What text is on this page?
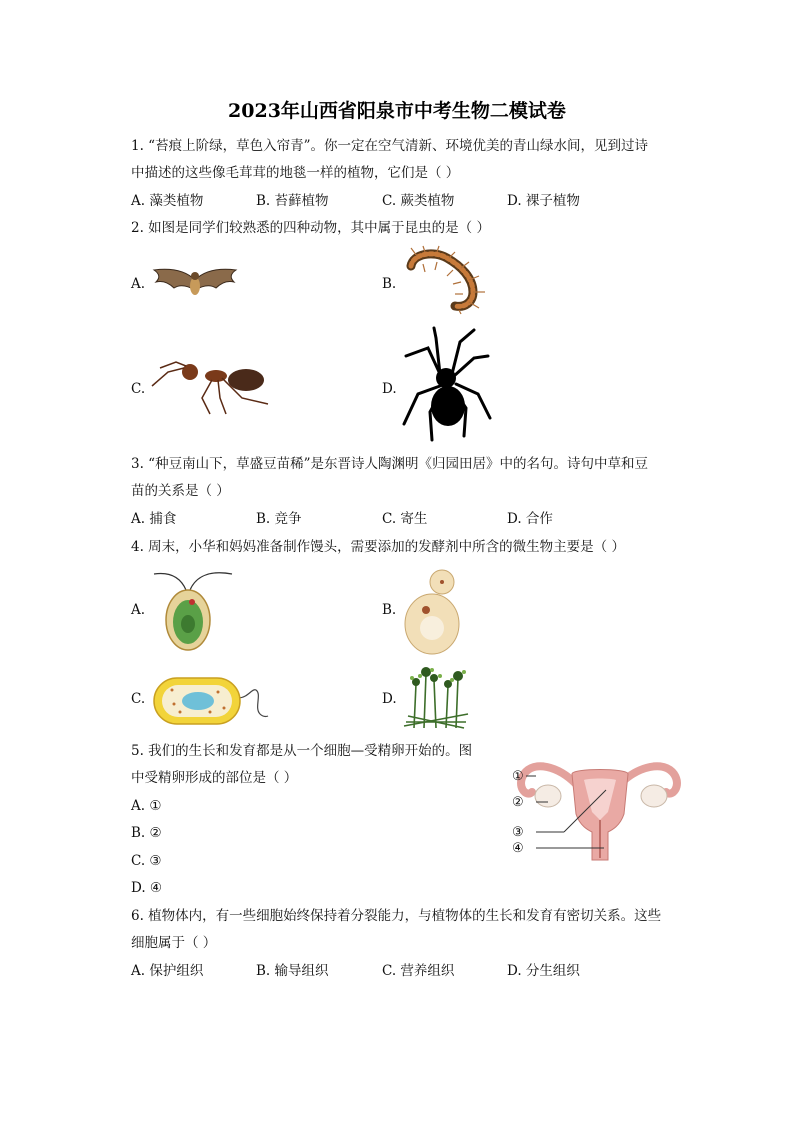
2023年山西省阳泉市中考生物二模试卷
1. “苔痕上阶绿，草色入帘青”。你一定在空气清新、环境优美的青山绿水间，见到过诗
中描述的这些像毛茸茸的地毯一样的植物，它们是（ ）
A. 藻类植物	B. 苔藓植物	C. 蕨类植物	D. 裸子植物
2. 如图是同学们较熟悉的四种动物，其中属于昆虫的是（ ）
A.	B.
C.	D.
3. “种豆南山下，草盛豆苗稀”是东晋诗人陶渊明《归园田居》中的名句。诗句中草和豆
苗的关系是（ ）
A. 捕食	B. 竞争	C. 寄生	D. 合作
4. 周末，小华和妈妈准备制作馒头，需要添加的发酵剂中所含的微生物主要是（ ）
A.	B.
C.	D.
5. 我们的生长和发育都是从一个细胞—受精卵开始的。图
中受精卵形成的部位是（ ）
A. ①
B. ②
C. ③
D. ④
①
②
③
④
6. 植物体内，有一些细胞始终保持着分裂能力，与植物体的生长和发育有密切关系。这些
细胞属于（ ）
A. 保护组织	B. 输导组织	C. 营养组织	D. 分生组织
